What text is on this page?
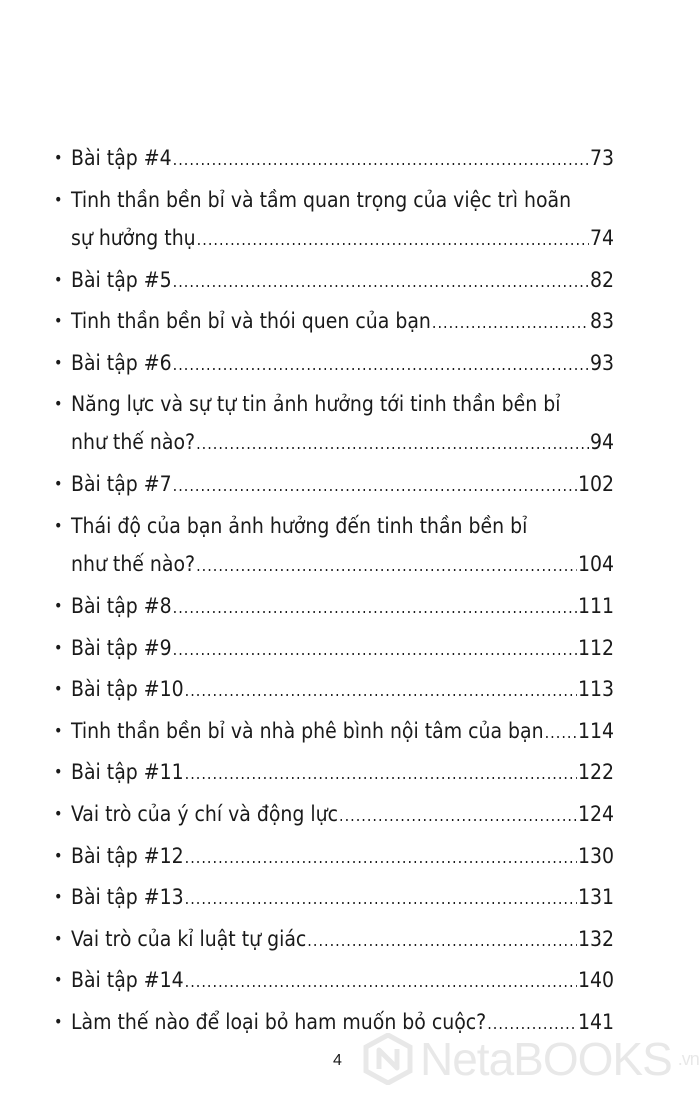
• Bài tập #4 .....	73
• Tinh thần bền bỉ và tầm quan trọng của việc trì hoãn
sự hưởng thụ .....	74
• Bài tập #5 .....	82
• Tinh thần bền bỉ và thói quen của bạn .....	83
• Bài tập #6 .....	93
• Năng lực và sự tự tin ảnh hưởng tới tinh thần bền bỉ
như thế nào? .....	94
• Bài tập #7 .....	102
• Thái độ của bạn ảnh hưởng đến tinh thần bền bỉ
như thế nào? .....	104
• Bài tập #8 .....	111
• Bài tập #9 .....	112
• Bài tập #10 .....	113
• Tinh thần bền bỉ và nhà phê bình nội tâm của bạn ..... 114
• Bài tập #11 .....	122
• Vai trò của ý chí và động lực .....	124
• Bài tập #12 .....	130
• Bài tập #13 .....	131
• Vai trò của kỉ luật tự giác .....	132
• Bài tập #14 .....	140
• Làm thế nào để loại bỏ ham muốn bỏ cuộc? .....	141
4 NetaBOOKS .vn
